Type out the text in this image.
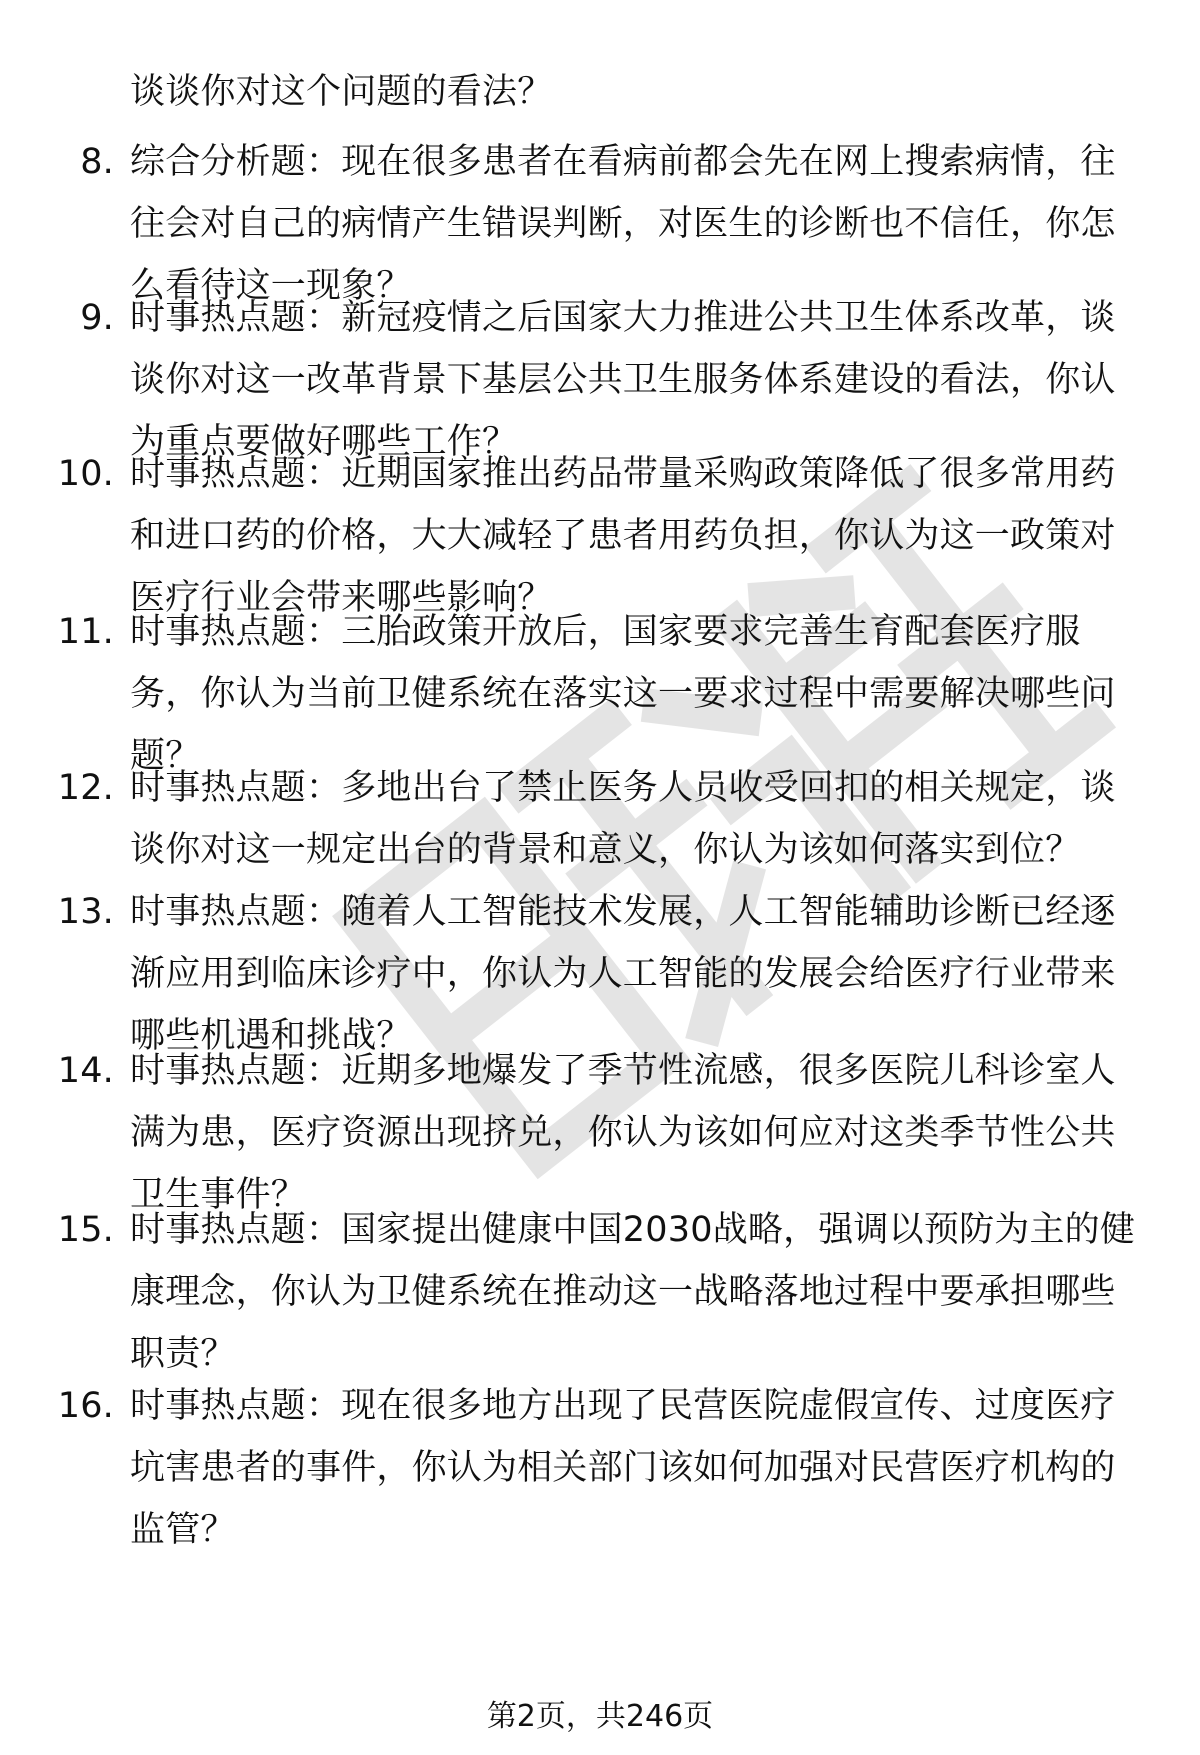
谈谈你对这个问题的看法？
8. 综合分析题：现在很多患者在看病前都会先在网上搜索病情，往往会对自己的病情产生错误判断，对医生的诊断也不信任，你怎么看待这一现象？
9. 时事热点题：新冠疫情之后国家大力推进公共卫生体系改革，谈谈你对这一改革背景下基层公共卫生服务体系建设的看法，你认为重点要做好哪些工作？
10. 时事热点题：近期国家推出药品带量采购政策降低了很多常用药和进口药的价格，大大减轻了患者用药负担，你认为这一政策对医疗行业会带来哪些影响？
11. 时事热点题：三胎政策开放后，国家要求完善生育配套医疗服务，你认为当前卫健系统在落实这一要求过程中需要解决哪些问题？
12. 时事热点题：多地出台了禁止医务人员收受回扣的相关规定，谈谈你对这一规定出台的背景和意义，你认为该如何落实到位？
13. 时事热点题：随着人工智能技术发展，人工智能辅助诊断已经逐渐应用到临床诊疗中，你认为人工智能的发展会给医疗行业带来哪些机遇和挑战？
14. 时事热点题：近期多地爆发了季节性流感，很多医院儿科诊室人满为患，医疗资源出现挤兑，你认为该如何应对这类季节性公共卫生事件？
15. 时事热点题：国家提出健康中国2030战略，强调以预防为主的健康理念，你认为卫健系统在推动这一战略落地过程中要承担哪些职责？
16. 时事热点题：现在很多地方出现了民营医院虚假宣传、过度医疗坑害患者的事件，你认为相关部门该如何加强对民营医疗机构的监管？
第2页，共246页
